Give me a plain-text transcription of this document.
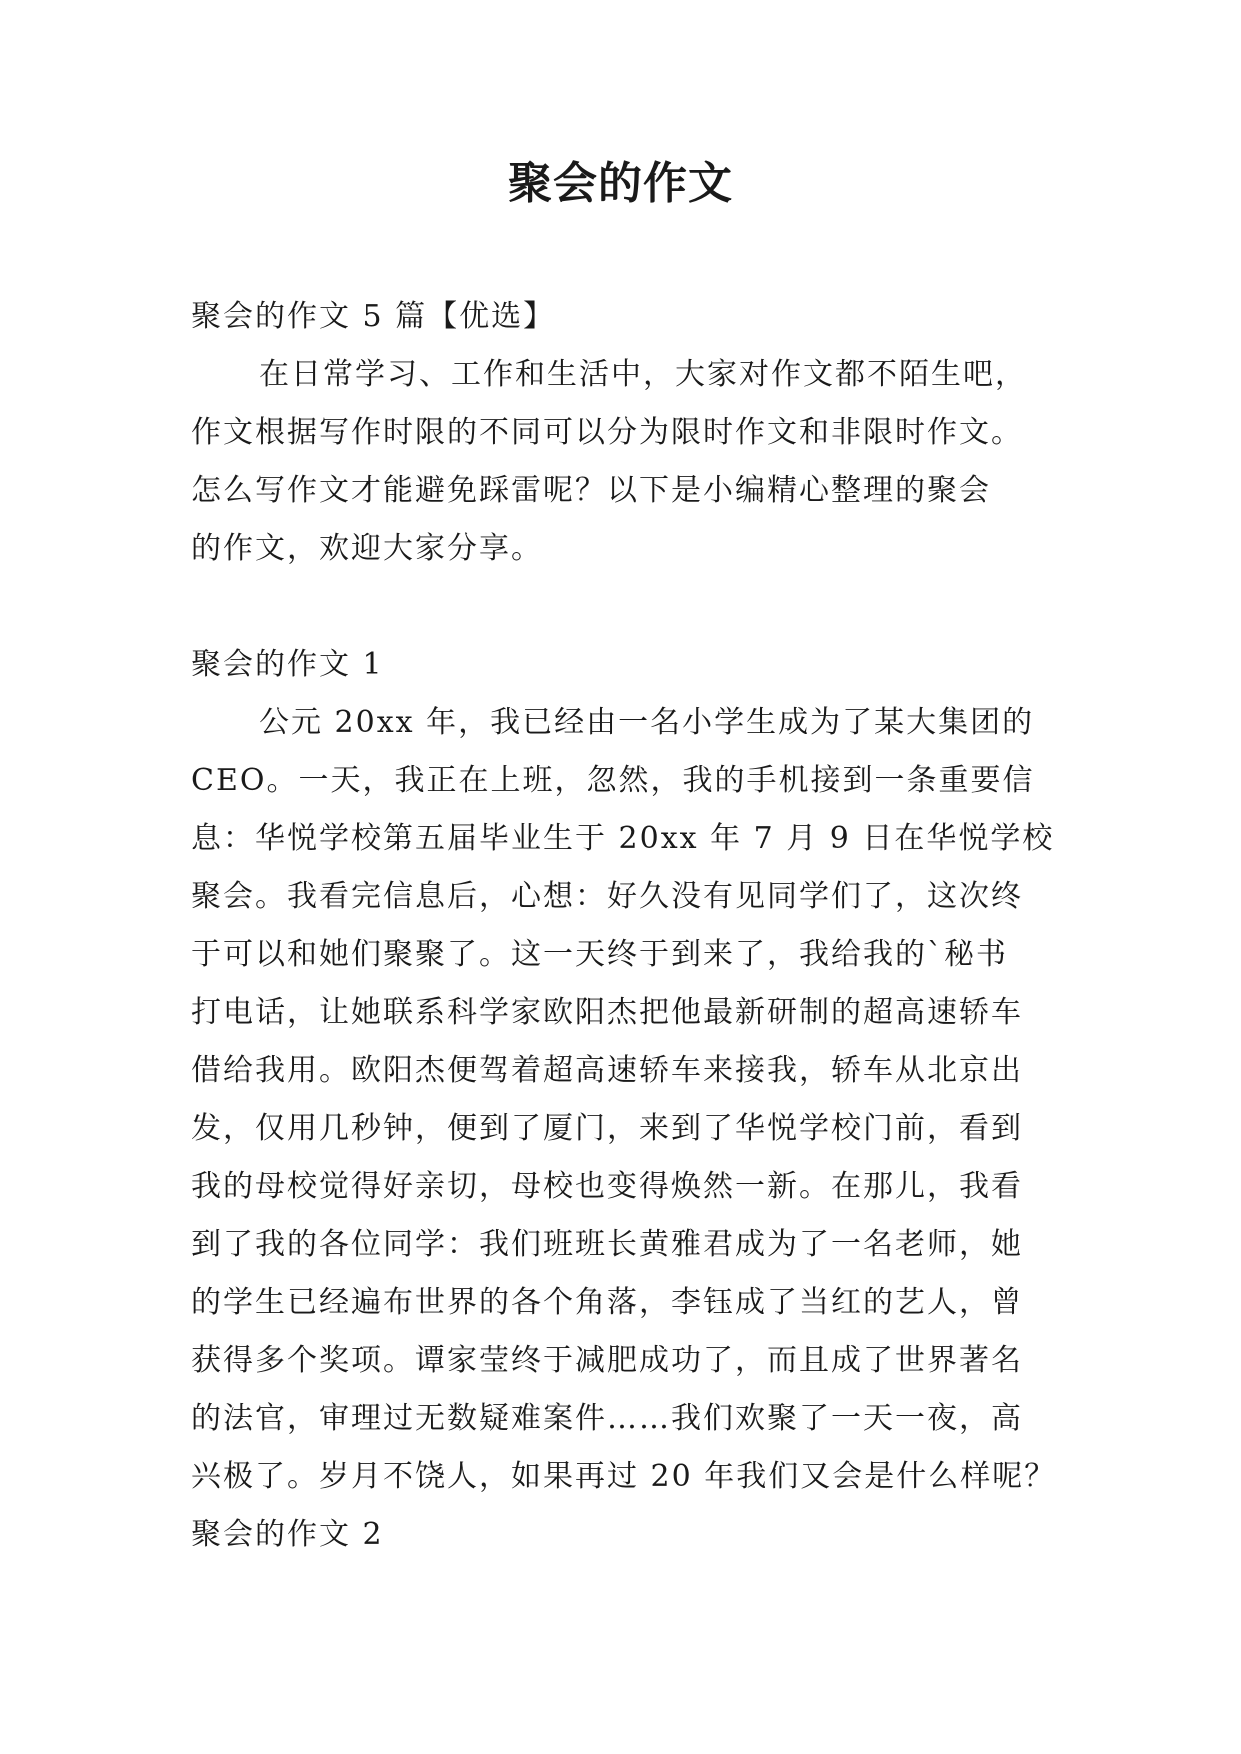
聚会的作文
聚会的作文 5 篇【优选】
在日常学习、工作和生活中，大家对作文都不陌生吧，
作文根据写作时限的不同可以分为限时作文和非限时作文。
怎么写作文才能避免踩雷呢？以下是小编精心整理的聚会
的作文，欢迎大家分享。
聚会的作文 1
公元 20xx 年，我已经由一名小学生成为了某大集团的
CEO。一天，我正在上班，忽然，我的手机接到一条重要信
息：华悦学校第五届毕业生于 20xx 年 7 月 9 日在华悦学校
聚会。我看完信息后，心想：好久没有见同学们了，这次终
于可以和她们聚聚了。这一天终于到来了，我给我的`秘书
打电话，让她联系科学家欧阳杰把他最新研制的超高速轿车
借给我用。欧阳杰便驾着超高速轿车来接我，轿车从北京出
发，仅用几秒钟，便到了厦门，来到了华悦学校门前，看到
我的母校觉得好亲切，母校也变得焕然一新。在那儿，我看
到了我的各位同学：我们班班长黄雅君成为了一名老师，她
的学生已经遍布世界的各个角落，李钰成了当红的艺人，曾
获得多个奖项。谭家莹终于减肥成功了，而且成了世界著名
的法官，审理过无数疑难案件……我们欢聚了一天一夜，高
兴极了。岁月不饶人，如果再过 20 年我们又会是什么样呢？
聚会的作文 2
